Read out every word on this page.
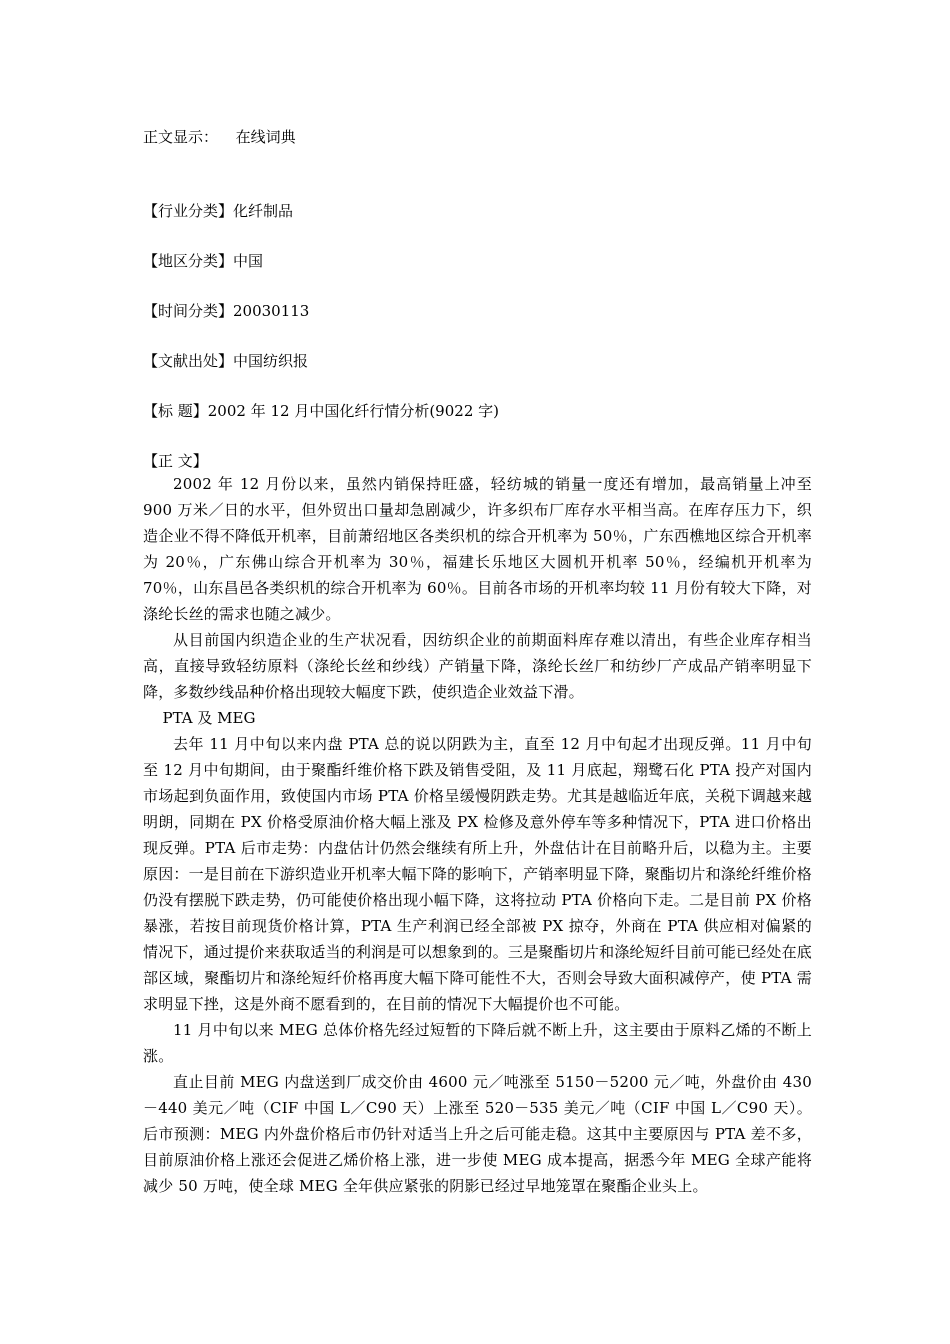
正文显示： 在线词典
【行业分类】化纤制品
【地区分类】中国
【时间分类】20030113
【文献出处】中国纺织报
【标 题】2002 年 12 月中国化纤行情分析(9022 字)
【正 文】

2002 年 12 月份以来，虽然内销保持旺盛，轻纺城的销量一度还有增加，最高销量上冲至 900 万米／日的水平，但外贸出口量却急剧减少，许多织布厂库存水平相当高。在库存压力下，织造企业不得不降低开机率，目前萧绍地区各类织机的综合开机率为 50％，广东西樵地区综合开机率为 20％，广东佛山综合开机率为 30％，福建长乐地区大圆机开机率 50％，经编机开机率为 70％，山东昌邑各类织机的综合开机率为 60％。目前各市场的开机率均较 11 月份有较大下降，对涤纶长丝的需求也随之减少。

从目前国内织造企业的生产状况看，因纺织企业的前期面料库存难以清出，有些企业库存相当高，直接导致轻纺原料（涤纶长丝和纱线）产销量下降，涤纶长丝厂和纺纱厂产成品产销率明显下降，多数纱线品种价格出现较大幅度下跌，使织造企业效益下滑。

PTA 及 MEG

去年 11 月中旬以来内盘 PTA 总的说以阴跌为主，直至 12 月中旬起才出现反弹。11 月中旬至 12 月中旬期间，由于聚酯纤维价格下跌及销售受阻，及 11 月底起，翔鹭石化 PTA 投产对国内市场起到负面作用，致使国内市场 PTA 价格呈缓慢阴跌走势。尤其是越临近年底，关税下调越来越明朗，同期在 PX 价格受原油价格大幅上涨及 PX 检修及意外停车等多种情况下，PTA 进口价格出现反弹。PTA 后市走势：内盘估计仍然会继续有所上升，外盘估计在目前略升后，以稳为主。主要原因：一是目前在下游织造业开机率大幅下降的影响下，产销率明显下降，聚酯切片和涤纶纤维价格仍没有摆脱下跌走势，仍可能使价格出现小幅下降，这将拉动 PTA 价格向下走。二是目前 PX 价格暴涨，若按目前现货价格计算，PTA 生产利润已经全部被 PX 掠夺，外商在 PTA 供应相对偏紧的情况下，通过提价来获取适当的利润是可以想象到的。三是聚酯切片和涤纶短纤目前可能已经处在底部区域，聚酯切片和涤纶短纤价格再度大幅下降可能性不大，否则会导致大面积减停产，使 PTA 需求明显下挫，这是外商不愿看到的，在目前的情况下大幅提价也不可能。

11 月中旬以来 MEG 总体价格先经过短暂的下降后就不断上升，这主要由于原料乙烯的不断上涨。

直止目前 MEG 内盘送到厂成交价由 4600 元／吨涨至 5150－5200 元／吨，外盘价由 430－440 美元／吨（CIF 中国 L／C90 天）上涨至 520－535 美元／吨（CIF 中国 L／C90 天）。后市预测：MEG 内外盘价格后市仍针对适当上升之后可能走稳。这其中主要原因与 PTA 差不多，目前原油价格上涨还会促进乙烯价格上涨，进一步使 MEG 成本提高，据悉今年 MEG 全球产能将减少 50 万吨，使全球 MEG 全年供应紧张的阴影已经过早地笼罩在聚酯企业头上。
